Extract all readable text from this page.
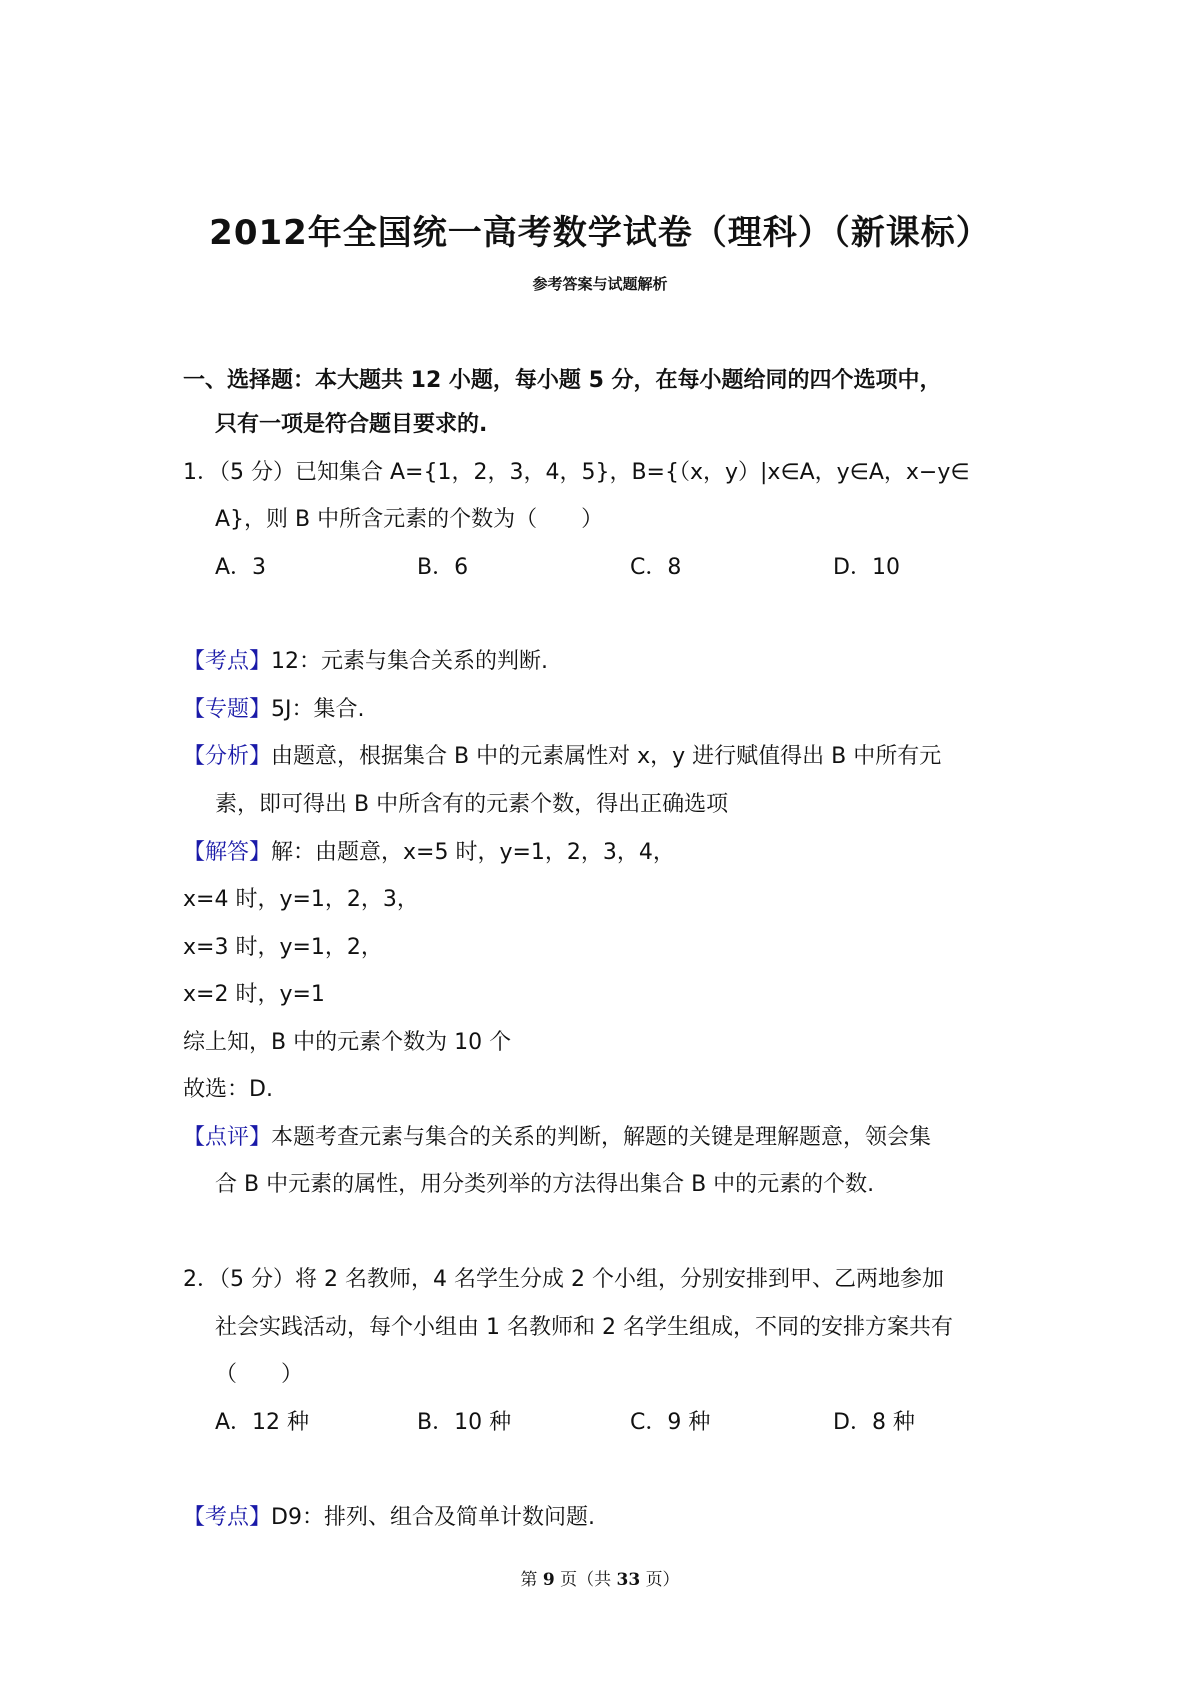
2012年全国统一高考数学试卷（理科）（新课标）
参考答案与试题解析
一、选择题：本大题共 12 小题，每小题 5 分，在每小题给同的四个选项中，
只有一项是符合题目要求的.
1．（5 分）已知集合 A={1，2，3，4，5}，B={（x，y）|x∈A，y∈A，x−y∈
A}，则 B 中所含元素的个数为（　　）
A．3	B．6	C．8	D．10
【考点】12：元素与集合关系的判断.
【专题】5J：集合.
【分析】由题意，根据集合 B 中的元素属性对 x，y 进行赋值得出 B 中所有元
素，即可得出 B 中所含有的元素个数，得出正确选项
【解答】解：由题意，x=5 时，y=1，2，3，4，
x=4 时，y=1，2，3，
x=3 时，y=1，2，
x=2 时，y=1
综上知，B 中的元素个数为 10 个
故选：D.
【点评】本题考查元素与集合的关系的判断，解题的关键是理解题意，领会集
合 B 中元素的属性，用分类列举的方法得出集合 B 中的元素的个数.
2．（5 分）将 2 名教师，4 名学生分成 2 个小组，分别安排到甲、乙两地参加
社会实践活动，每个小组由 1 名教师和 2 名学生组成，不同的安排方案共有
（　　）
A．12 种	B．10 种	C．9 种	D．8 种
【考点】D9：排列、组合及简单计数问题.
第 9 页（共 33 页）
